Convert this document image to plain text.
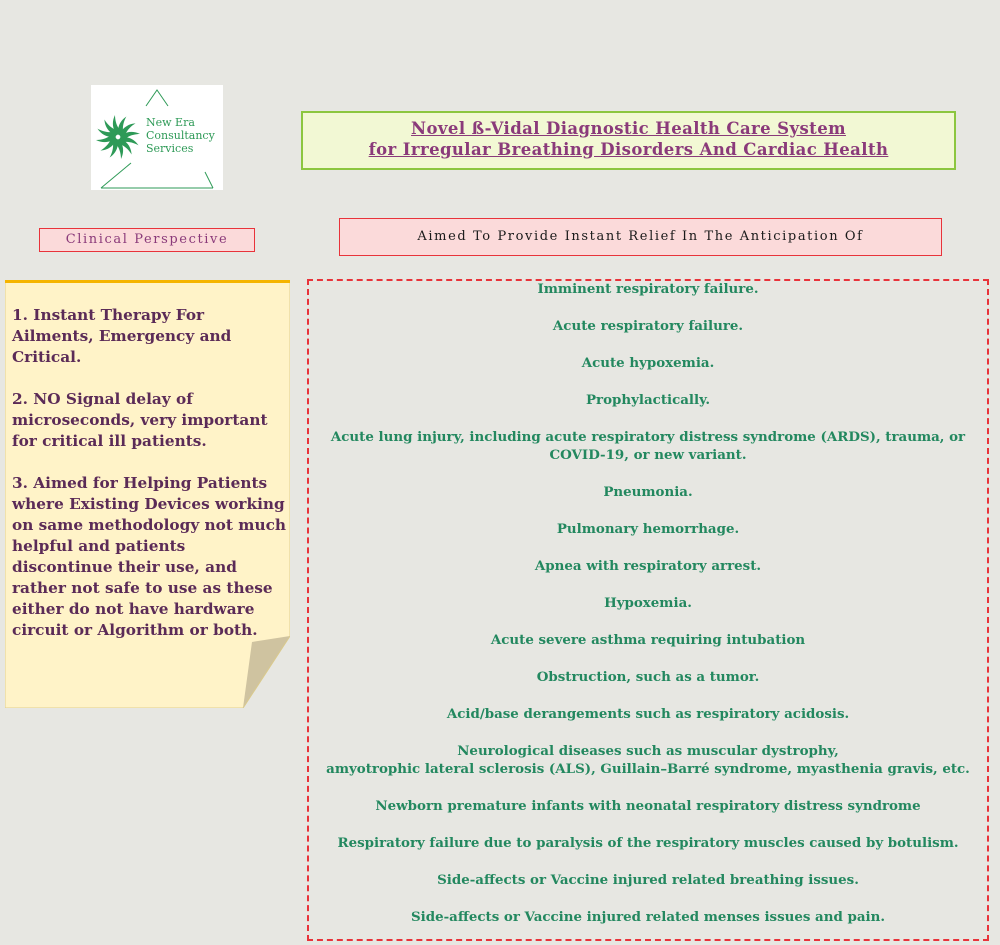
New Era
Consultancy
Services
Novel ß-Vidal Diagnostic Health Care System
for Irregular Breathing Disorders And Cardiac Health
Clinical Perspective	Aimed To Provide Instant Relief In The Anticipation Of
1. Instant Therapy For Ailments, Emergency and Critical.
2. NO Signal delay of microseconds, very important for critical ill patients.
3. Aimed for Helping Patients where Existing Devices working on same methodology not much helpful and patients discontinue their use, and rather not safe to use as these either do not have hardware circuit or Algorithm or both.
Imminent respiratory failure.
Acute respiratory failure.
Acute hypoxemia.
Prophylactically.
Acute lung injury, including acute respiratory distress syndrome (ARDS), trauma, or
COVID-19, or new variant.
Pneumonia.
Pulmonary hemorrhage.
Apnea with respiratory arrest.
Hypoxemia.
Acute severe asthma requiring intubation
Obstruction, such as a tumor.
Acid/base derangements such as respiratory acidosis.
Neurological diseases such as muscular dystrophy,
amyotrophic lateral sclerosis (ALS), Guillain–Barré syndrome, myasthenia gravis, etc.
Newborn premature infants with neonatal respiratory distress syndrome
Respiratory failure due to paralysis of the respiratory muscles caused by botulism.
Side-affects or Vaccine injured related breathing issues.
Side-affects or Vaccine injured related menses issues and pain.
